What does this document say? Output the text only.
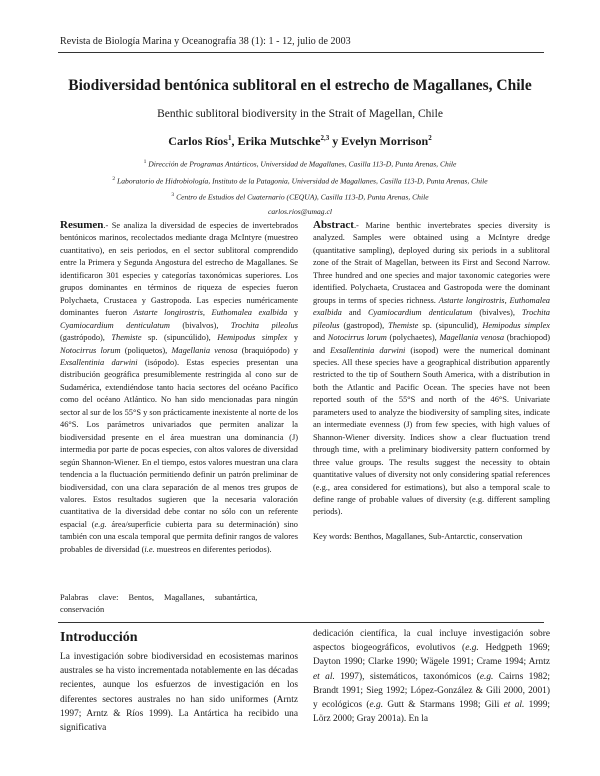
Revista de Biología Marina y Oceanografía 38 (1): 1 - 12, julio de 2003
Biodiversidad bentónica sublitoral en el estrecho de Magallanes, Chile
Benthic sublitoral biodiversity in the Strait of Magellan, Chile
Carlos Ríos$^1$, Erika Mutschke$^{2,3}$ y Evelyn Morrison$^2$
$^1$ Dirección de Programas Antárticos, Universidad de Magallanes, Casilla 113-D, Punta Arenas, Chile
$^2$ Laboratorio de Hidrobiología, Instituto de la Patagonia, Universidad de Magallanes, Casilla 113-D, Punta Arenas, Chile
$^3$ Centro de Estudios del Cuaternario (CEQUA), Casilla 113-D, Punta Arenas, Chile
carlos.rios@umag.cl
Resumen.- Se analiza la diversidad de especies de invertebrados bentónicos marinos, recolectados mediante draga McIntyre (muestreo cuantitativo), en seis periodos, en el sector sublitoral comprendido entre la Primera y Segunda Angostura del estrecho de Magallanes. Se identificaron 301 especies y categorías taxonómicas superiores. Los grupos dominantes en términos de riqueza de especies fueron Polychaeta, Crustacea y Gastropoda. Las especies numéricamente dominantes fueron Astarte longirostris, Euthomalea exalbida y Cyamiocardium denticulatum (bivalvos), Trochita pileolus (gastrópodo), Themiste sp. (sipuncúlido), Hemipodus simplex y Notocirrus lorum (poliquetos), Magellania venosa (braquiópodo) y Exsallentinia darwini (isópodo). Estas especies presentan una distribución geográfica presumiblemente restringida al cono sur de Sudamérica, extendiéndose tanto hacia sectores del océano Pacífico como del océano Atlántico. No han sido mencionadas para ningún sector al sur de los 55°S y son prácticamente inexistente al norte de los 46°S. Los parámetros univariados que permiten analizar la biodiversidad presente en el área muestran una dominancia (J) intermedia por parte de pocas especies, con altos valores de diversidad según Shannon-Wiener. En el tiempo, estos valores muestran una clara tendencia a la fluctuación permitiendo definir un patrón preliminar de biodiversidad, con una clara separación de al menos tres grupos de valores. Estos resultados sugieren que la necesaria valoración cuantitativa de la diversidad debe contar no sólo con un referente espacial (e.g. área/superficie cubierta para su determinación) sino también con una escala temporal que permita definir rangos de valores probables de diversidad (i.e. muestreos en diferentes periodos).
Palabras clave: Bentos, Magallanes, subantártica, conservación
Abstract.- Marine benthic invertebrates species diversity is analyzed. Samples were obtained using a McIntyre dredge (quantitative sampling), deployed during six periods in a sublitoral zone of the Strait of Magellan, between its First and Second Narrow. Three hundred and one species and major taxonomic categories were identified. Polychaeta, Crustacea and Gastropoda were the dominant groups in terms of species richness. Astarte longirostris, Euthomalea exalbida and Cyamiocardium denticulatum (bivalves), Trochita pileolus (gastropod), Themiste sp. (sipunculid), Hemipodus simplex and Notocirrus lorum (polychaetes), Magellania venosa (brachiopod) and Exsallentinia darwini (isopod) were the numerical dominant species. All these species have a geographical distribution apparently restricted to the tip of Southern South America, with a distribution in both the Atlantic and Pacific Ocean. The species have not been reported south of the 55°S and north of the 46°S. Univariate parameters used to analyze the biodiversity of sampling sites, indicate an intermediate evenness (J) from few species, with high values of Shannon-Wiener diversity. Indices show a clear fluctuation trend through time, with a preliminary biodiversity pattern conformed by three value groups. The results suggest the necessity to obtain quantitative values of diversity not only considering spatial references (e.g., area considered for estimations), but also a temporal scale to define range of probable values of diversity (e.g. different sampling periods).
Key words: Benthos, Magallanes, Sub-Antarctic, conservation
Introducción
La investigación sobre biodiversidad en ecosistemas marinos australes se ha visto incrementada notablemente en las décadas recientes, aunque los esfuerzos de investigación en los diferentes sectores australes no han sido uniformes (Arntz 1997; Arntz & Ríos 1999). La Antártica ha recibido una significativa
dedicación científica, la cual incluye investigación sobre aspectos biogeográficos, evolutivos (e.g. Hedgpeth 1969; Dayton 1990; Clarke 1990; Wägele 1991; Crame 1994; Arntz et al. 1997), sistemáticos, taxonómicos (e.g. Cairns 1982; Brandt 1991; Sieg 1992; López-González & Gili 2000, 2001) y ecológicos (e.g. Gutt & Starmans 1998; Gili et al. 1999; Lörz 2000; Gray 2001a). En la
